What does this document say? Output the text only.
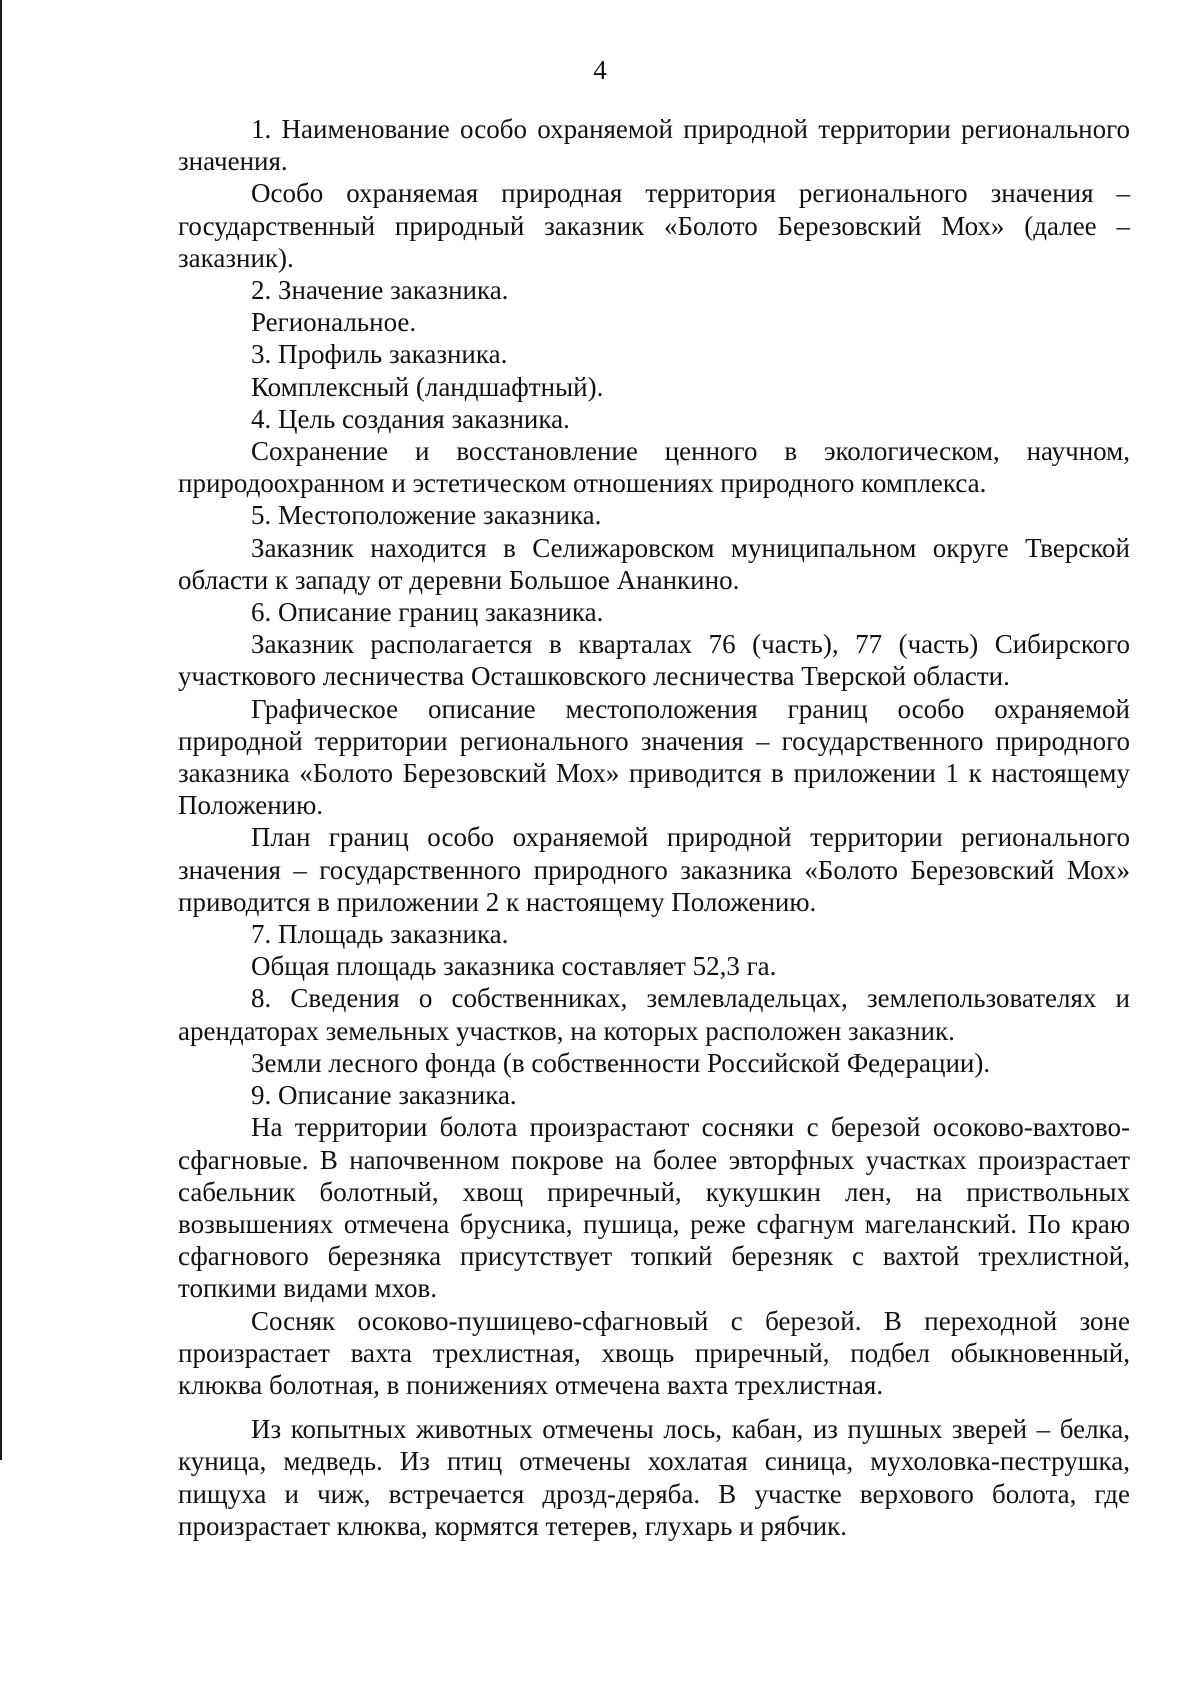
4

1. Наименование особо охраняемой природной территории регионального значения.

Особо охраняемая природная территория регионального значения – государственный природный заказник «Болото Березовский Мох» (далее – заказник).

2. Значение заказника.

Региональное.

3. Профиль заказника.

Комплексный (ландшафтный).

4. Цель создания заказника.

Сохранение и восстановление ценного в экологическом, научном, природоохранном и эстетическом отношениях природного комплекса.

5. Местоположение заказника.

Заказник находится в Селижаровском муниципальном округе Тверской области к западу от деревни Большое Ананкино.

6. Описание границ заказника.

Заказник располагается в кварталах 76 (часть), 77 (часть) Сибирского участкового лесничества Осташковского лесничества Тверской области.

Графическое описание местоположения границ особо охраняемой природной территории регионального значения – государственного природного заказника «Болото Березовский Мох» приводится в приложении 1 к настоящему Положению.

План границ особо охраняемой природной территории регионального значения – государственного природного заказника «Болото Березовский Мох» приводится в приложении 2 к настоящему Положению.

7. Площадь заказника.

Общая площадь заказника составляет 52,3 га.

8. Сведения о собственниках, землевладельцах, землепользователях и арендаторах земельных участков, на которых расположен заказник.

Земли лесного фонда (в собственности Российской Федерации).

9. Описание заказника.

На территории болота произрастают сосняки с березой осоково-вахтово-сфагновые. В напочвенном покрове на более эвторфных участках произрастает сабельник болотный, хвощ приречный, кукушкин лен, на приствольных возвышениях отмечена брусника, пушица, реже сфагнум магеланский. По краю сфагнового березняка присутствует топкий березняк с вахтой трехлистной, топкими видами мхов.

Сосняк осоково-пушицево-сфагновый с березой. В переходной зоне произрастает вахта трехлистная, хвощь приречный, подбел обыкновенный, клюква болотная, в понижениях отмечена вахта трехлистная.

Из копытных животных отмечены лось, кабан, из пушных зверей – белка, куница, медведь. Из птиц отмечены хохлатая синица, мухоловка-пеструшка, пищуха и чиж, встречается дрозд-деряба. В участке верхового болота, где произрастает клюква, кормятся тетерев, глухарь и рябчик.
